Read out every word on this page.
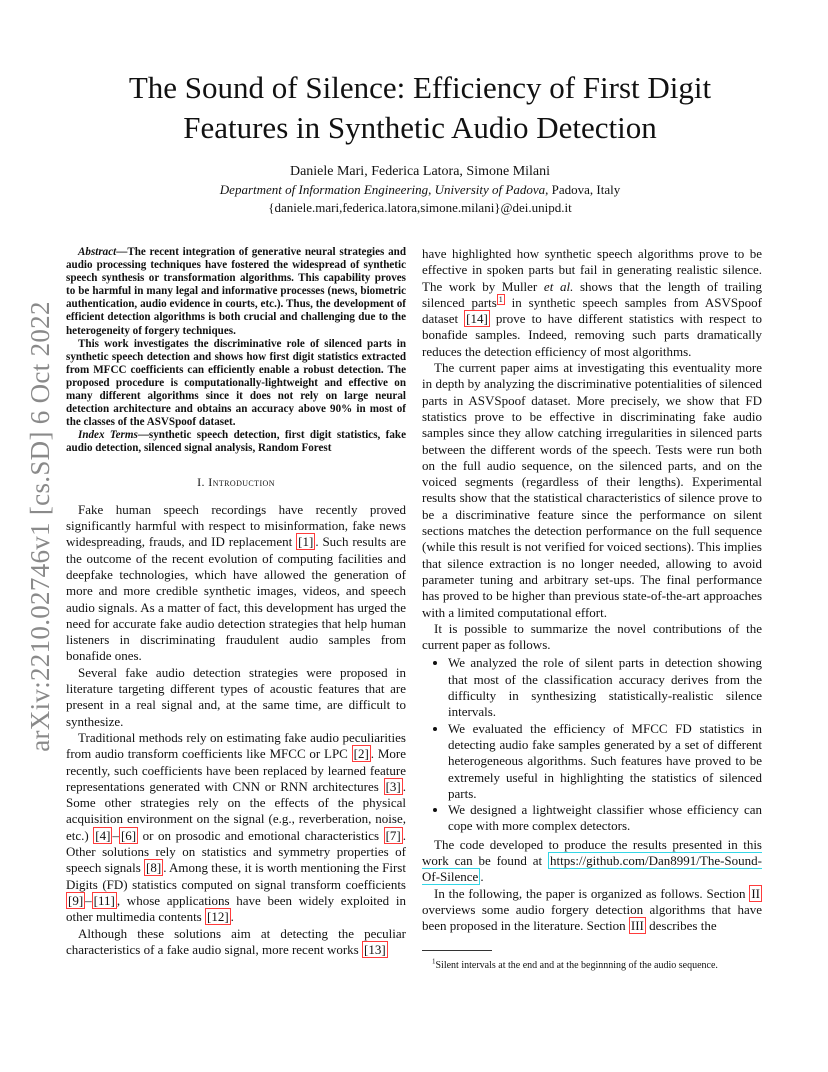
arXiv:2210.02746v1 [cs.SD] 6 Oct 2022
The Sound of Silence: Efficiency of First Digit
Features in Synthetic Audio Detection
Daniele Mari, Federica Latora, Simone Milani
Department of Information Engineering, University of Padova, Padova, Italy
{daniele.mari,federica.latora,simone.milani}@dei.unipd.it

Abstract—The recent integration of generative neural strategies and audio processing techniques have fostered the widespread of synthetic speech synthesis or transformation algorithms. This capability proves to be harmful in many legal and informative processes (news, biometric authentication, audio evidence in courts, etc.). Thus, the development of efficient detection algorithms is both crucial and challenging due to the heterogeneity of forgery techniques.

This work investigates the discriminative role of silenced parts in synthetic speech detection and shows how first digit statistics extracted from MFCC coefficients can efficiently enable a robust detection. The proposed procedure is computationally-lightweight and effective on many different algorithms since it does not rely on large neural detection architecture and obtains an accuracy above 90% in most of the classes of the ASVSpoof dataset.

Index Terms—synthetic speech detection, first digit statistics, fake audio detection, silenced signal analysis, Random Forest

I. Introduction

Fake human speech recordings have recently proved significantly harmful with respect to misinformation, fake news widespreading, frauds, and ID replacement [1] . Such results are the outcome of the recent evolution of computing facilities and deepfake technologies, which have allowed the generation of more and more credible synthetic images, videos, and speech audio signals. As a matter of fact, this development has urged the need for accurate fake audio detection strategies that help human listeners in discriminating fraudulent audio samples from bonafide ones.

Several fake audio detection strategies were proposed in literature targeting different types of acoustic features that are present in a real signal and, at the same time, are difficult to synthesize.

Traditional methods rely on estimating fake audio peculiarities from audio transform coefficients like MFCC or LPC [2] . More recently, such coefficients have been replaced by learned feature representations generated with CNN or RNN architectures [3] . Some other strategies rely on the effects of the physical acquisition environment on the signal (e.g., reverberation, noise, etc.) [4] – [6] or on prosodic and emotional characteristics [7] . Other solutions rely on statistics and symmetry properties of speech signals [8] . Among these, it is worth mentioning the First Digits (FD) statistics computed on signal transform coefficients [9] – [11] , whose applications have been widely exploited in other multimedia contents [12] .

Although these solutions aim at detecting the peculiar characteristics of a fake audio signal, more recent works [13]

have highlighted how synthetic speech algorithms prove to be effective in spoken parts but fail in generating realistic silence. The work by Muller et al. shows that the length of trailing silenced parts $^1$ in synthetic speech samples from ASVSpoof dataset [14] prove to have different statistics with respect to bonafide samples. Indeed, removing such parts dramatically reduces the detection efficiency of most algorithms.

The current paper aims at investigating this eventuality more in depth by analyzing the discriminative potentialities of silenced parts in ASVSpoof dataset. More precisely, we show that FD statistics prove to be effective in discriminating fake audio samples since they allow catching irregularities in silenced parts between the different words of the speech. Tests were run both on the full audio sequence, on the silenced parts, and on the voiced segments (regardless of their lengths). Experimental results show that the statistical characteristics of silence prove to be a discriminative feature since the performance on silent sections matches the detection performance on the full sequence (while this result is not verified for voiced sections). This implies that silence extraction is no longer needed, allowing to avoid parameter tuning and arbitrary set-ups. The final performance has proved to be higher than previous state-of-the-art approaches with a limited computational effort.

It is possible to summarize the novel contributions of the current paper as follows.

• We analyzed the role of silent parts in detection showing that most of the classification accuracy derives from the difficulty in synthesizing statistically-realistic silence intervals.
• We evaluated the efficiency of MFCC FD statistics in detecting audio fake samples generated by a set of different heterogeneous algorithms. Such features have proved to be extremely useful in highlighting the statistics of silenced parts.
• We designed a lightweight classifier whose efficiency can cope with more complex detectors.

The code developed to produce the results presented in this work can be found at https://github.com/Dan8991/The-Sound-Of-Silence .

In the following, the paper is organized as follows. Section II overviews some audio forgery detection algorithms that have been proposed in the literature. Section III describes the

$^1$Silent intervals at the end and at the beginnning of the audio sequence.
